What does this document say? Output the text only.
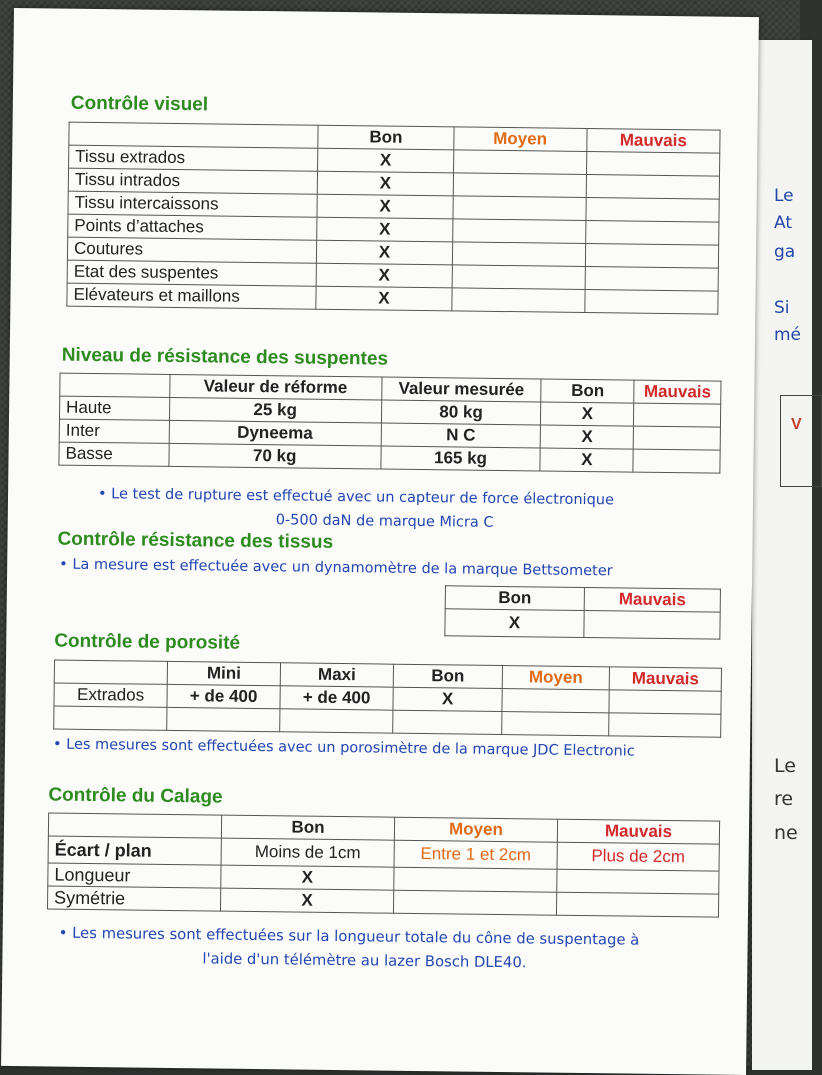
Le
At
ga
Si
mé
V
Le
re
ne
Contrôle visuel
	Bon	Moyen	Mauvais
Tissu extrados	X		
Tissu intrados	X		
Tissu intercaissons	X		
Points d’attaches	X		
Coutures	X		
Etat des suspentes	X		
Elévateurs et maillons	X		
Niveau de résistance des suspentes
	Valeur de réforme	Valeur mesurée	Bon	Mauvais
Haute	25 kg	80 kg	X	
Inter	Dyneema	N C	X	
Basse	70 kg	165 kg	X	
• Le test de rupture est effectué avec un capteur de force électronique
0-500 daN de marque Micra C
Contrôle résistance des tissus
• La mesure est effectuée avec un dynamomètre de la marque Bettsometer
Bon	Mauvais
X	
Contrôle de porosité
	Mini	Maxi	Bon	Moyen	Mauvais
Extrados	+ de 400	+ de 400	X		

• Les mesures sont effectuées avec un porosimètre de la marque JDC Electronic
Contrôle du Calage
	Bon	Moyen	Mauvais
Écart / plan	Moins de 1cm	Entre 1 et 2cm	Plus de 2cm
Longueur	X		
Symétrie	X		
• Les mesures sont effectuées sur la longueur totale du cône de suspentage à
l'aide d'un télémètre au lazer Bosch DLE40.
